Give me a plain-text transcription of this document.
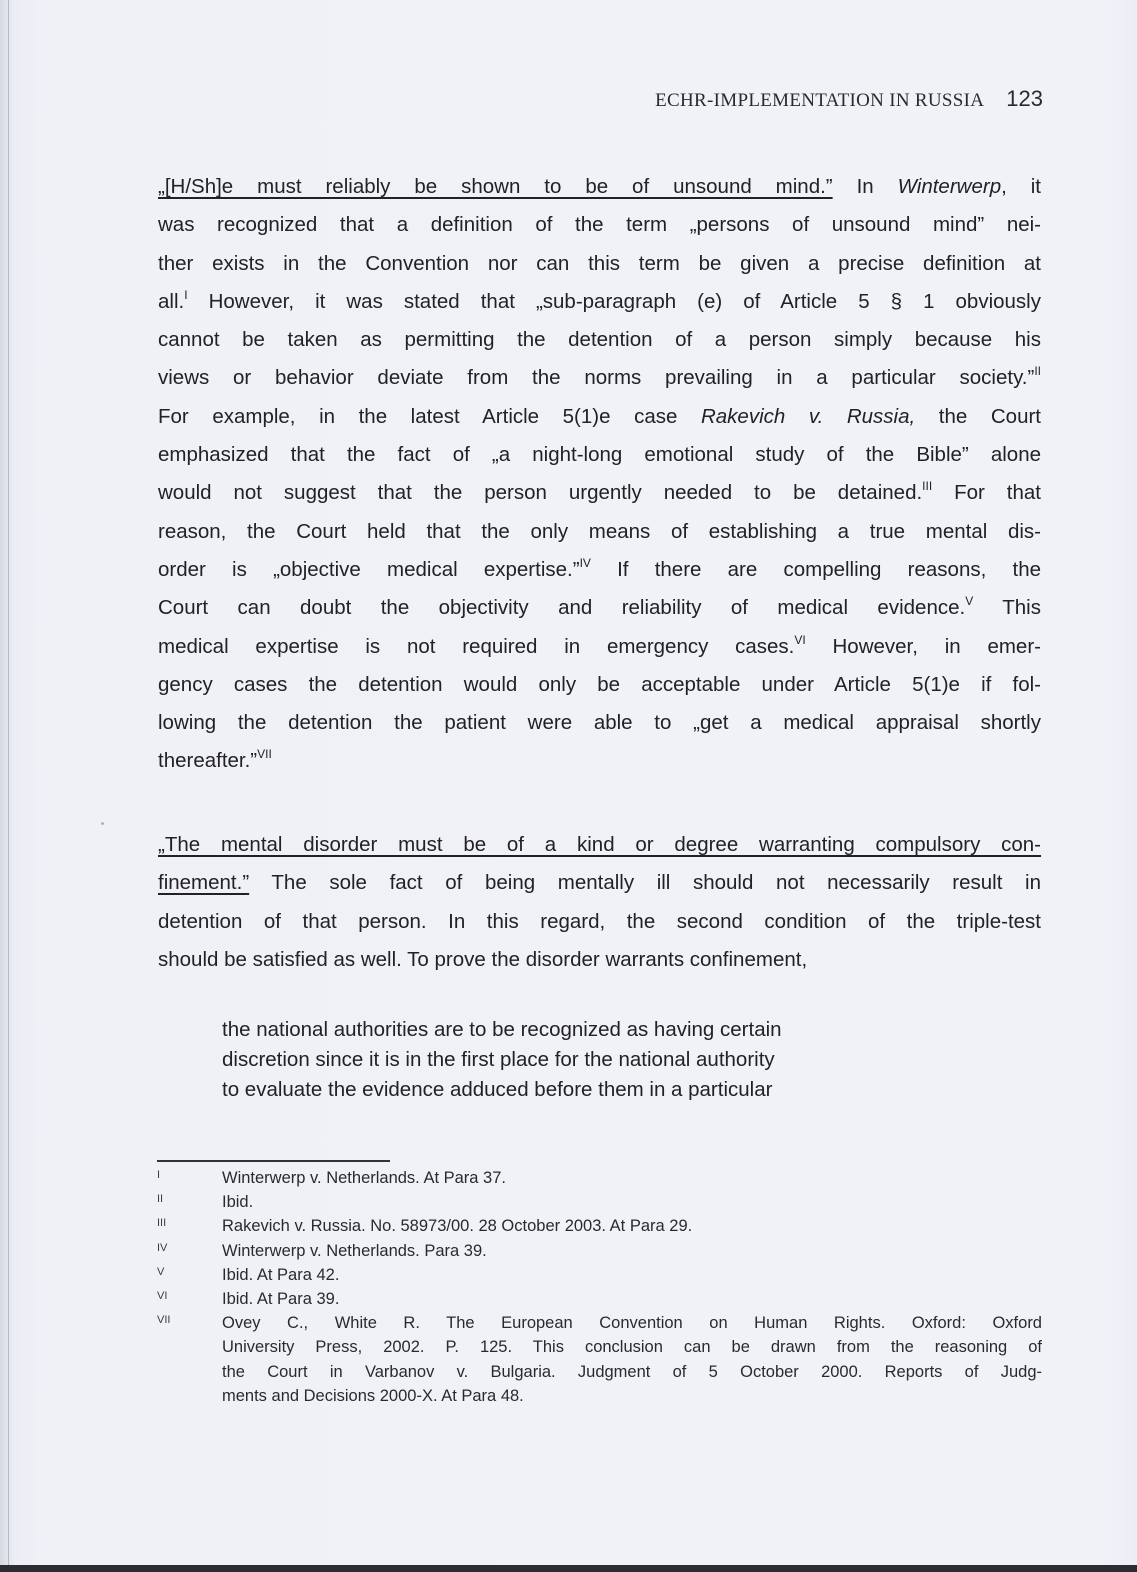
ECHR-IMPLEMENTATION IN RUSSIA 123
„[H/Sh]e must reliably be shown to be of unsound mind.” In Winterwerp, it
was recognized that a definition of the term „persons of unsound mind” nei-
ther exists in the Convention nor can this term be given a precise definition at
all.$^I$ However, it was stated that „sub-paragraph (e) of Article 5 § 1 obviously
cannot be taken as permitting the detention of a person simply because his
views or behavior deviate from the norms prevailing in a particular society.”$^{II}$
For example, in the latest Article 5(1)e case Rakevich v. Russia, the Court
emphasized that the fact of „a night-long emotional study of the Bible” alone
would not suggest that the person urgently needed to be detained.$^{III}$ For that
reason, the Court held that the only means of establishing a true mental dis-
order is „objective medical expertise.”$^{IV}$ If there are compelling reasons, the
Court can doubt the objectivity and reliability of medical evidence.$^V$ This
medical expertise is not required in emergency cases.$^{VI}$ However, in emer-
gency cases the detention would only be acceptable under Article 5(1)e if fol-
lowing the detention the patient were able to „get a medical appraisal shortly
thereafter.”$^{VII}$
„The mental disorder must be of a kind or degree warranting compulsory con-
finement.” The sole fact of being mentally ill should not necessarily result in
detention of that person. In this regard, the second condition of the triple-test
should be satisfied as well. To prove the disorder warrants confinement,
the national authorities are to be recognized as having certain
discretion since it is in the first place for the national authority
to evaluate the evidence adduced before them in a particular
I	Winterwerp v. Netherlands. At Para 37.
II	Ibid.
III	Rakevich v. Russia. No. 58973/00. 28 October 2003. At Para 29.
IV	Winterwerp v. Netherlands. Para 39.
V	Ibid. At Para 42.
VI	Ibid. At Para 39.
VII	Ovey C., White R. The European Convention on Human Rights. Oxford: Oxford
University Press, 2002. P. 125. This conclusion can be drawn from the reasoning of
the Court in Varbanov v. Bulgaria. Judgment of 5 October 2000. Reports of Judg-
ments and Decisions 2000-X. At Para 48.
